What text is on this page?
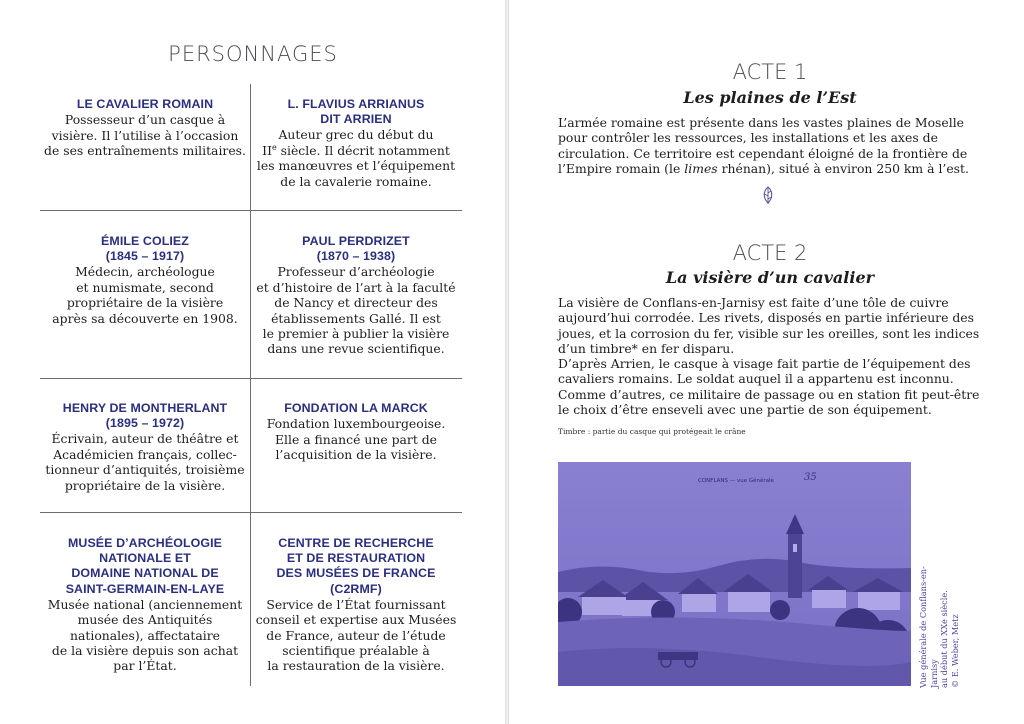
PERSONNAGES
LE CAVALIER ROMAIN

Possesseur d’un casque à

visière. Il l’utilise à l’occasion

de ses entraînements militaires.

L. FLAVIUS ARRIANUS
DIT ARRIEN

Auteur grec du début du

IIe siècle. Il décrit notamment

les manœuvres et l’équipement

de la cavalerie romaine.

ÉMILE COLIEZ
(1845 – 1917)

Médecin, archéologue

et numismate, second

propriétaire de la visière

après sa découverte en 1908.

PAUL PERDRIZET
(1870 – 1938)

Professeur d’archéologie

et d’histoire de l’art à la faculté

de Nancy et directeur des

établissements Gallé. Il est

le premier à publier la visière

dans une revue scientifique.

HENRY DE MONTHERLANT
(1895 – 1972)

Écrivain, auteur de théâtre et

Académicien français, collec-

tionneur d’antiquités, troisième

propriétaire de la visière.

FONDATION LA MARCK

Fondation luxembourgeoise.

Elle a financé une part de

l’acquisition de la visière.

MUSÉE D’ARCHÉOLOGIE
NATIONALE ET
DOMAINE NATIONAL DE
SAINT-GERMAIN-EN-LAYE

Musée national (anciennement

musée des Antiquités

nationales), affectataire

de la visière depuis son achat

par l’État.

CENTRE DE RECHERCHE
ET DE RESTAURATION
DES MUSÉES DE FRANCE
(C2RMF)

Service de l’État fournissant

conseil et expertise aux Musées

de France, auteur de l’étude

scientifique préalable à

la restauration de la visière.

ACTE 1
Les plaines de l’Est

L’armée romaine est présente dans les vastes plaines de Moselle pour contrôler les ressources, les installations et les axes de circulation. Ce territoire est cependant éloigné de la frontière de l’Empire romain (le limes rhénan), situé à environ 250 km à l’est.

ACTE 2
La visière d’un cavalier

La visière de Conflans-en-Jarnisy est faite d’une tôle de cuivre aujourd’hui corrodée. Les rivets, disposés en partie inférieure des joues, et la corrosion du fer, visible sur les oreilles, sont les indices d’un timbre* en fer disparu.

D’après Arrien, le casque à visage fait partie de l’équipement des cavaliers romains. Le soldat auquel il a appartenu est inconnu. Comme d’autres, ce militaire de passage ou en station fit peut-être le choix d’être enseveli avec une partie de son équipement.

Timbre : partie du casque qui protégeait le crâne

CONFLANS — vue Générale	35
Vue générale de Conflans-en-Jarnisy au début du XXe siècle. © E. Weber, Metz
